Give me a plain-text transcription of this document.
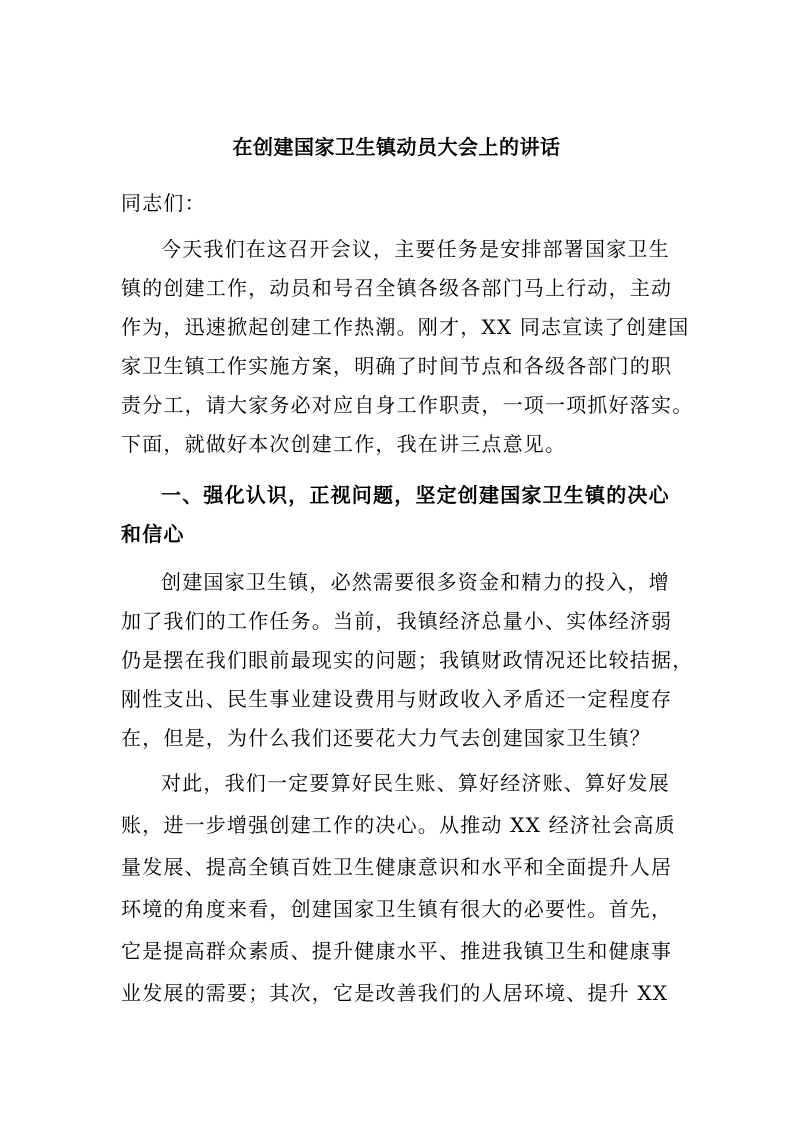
在创建国家卫生镇动员大会上的讲话
同志们：
今天我们在这召开会议，主要任务是安排部署国家卫生
镇的创建工作，动员和号召全镇各级各部门马上行动，主动
作为，迅速掀起创建工作热潮。刚才，XX 同志宣读了创建国
家卫生镇工作实施方案，明确了时间节点和各级各部门的职
责分工，请大家务必对应自身工作职责，一项一项抓好落实。
下面，就做好本次创建工作，我在讲三点意见。
一、强化认识，正视问题，坚定创建国家卫生镇的决心
和信心
创建国家卫生镇，必然需要很多资金和精力的投入，增
加了我们的工作任务。当前，我镇经济总量小、实体经济弱
仍是摆在我们眼前最现实的问题；我镇财政情况还比较拮据，
刚性支出、民生事业建设费用与财政收入矛盾还一定程度存
在，但是，为什么我们还要花大力气去创建国家卫生镇？
对此，我们一定要算好民生账、算好经济账、算好发展
账，进一步增强创建工作的决心。从推动 XX 经济社会高质
量发展、提高全镇百姓卫生健康意识和水平和全面提升人居
环境的角度来看，创建国家卫生镇有很大的必要性。首先，
它是提高群众素质、提升健康水平、推进我镇卫生和健康事
业发展的需要；其次，它是改善我们的人居环境、提升 XX
